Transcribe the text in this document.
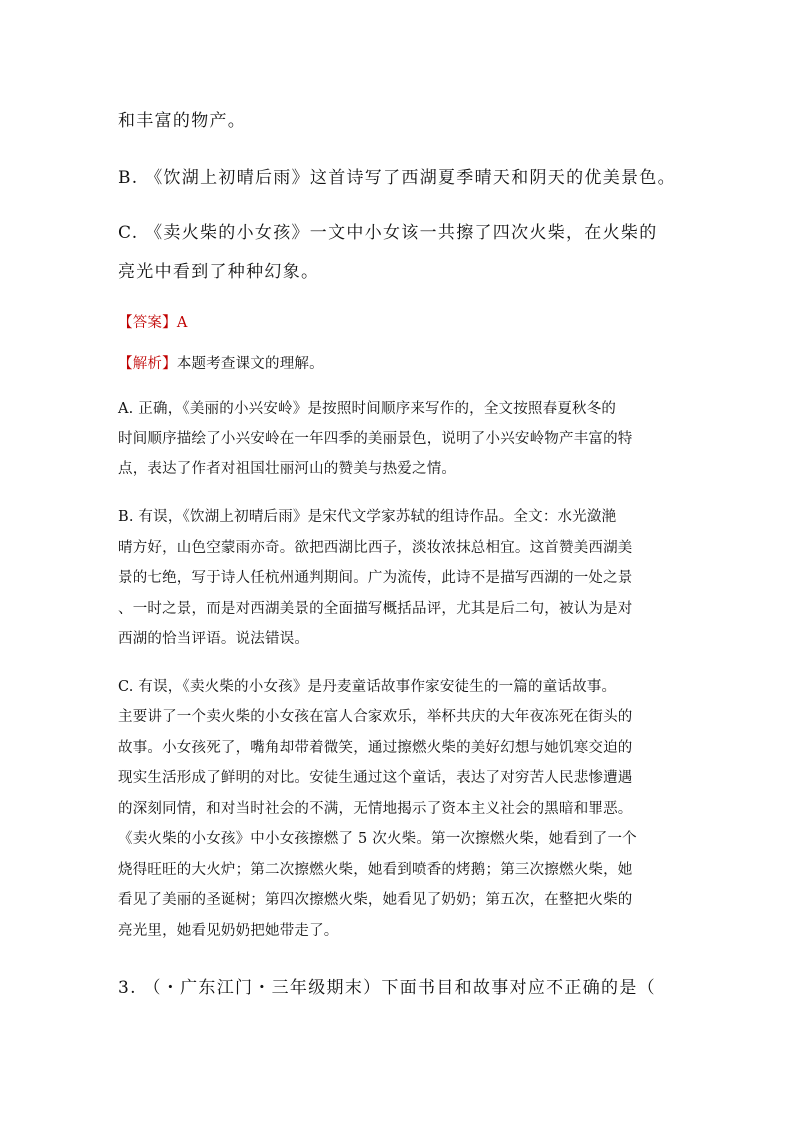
和丰富的物产。
B. 《饮湖上初晴后雨》这首诗写了西湖夏季晴天和阴天的优美景色。
C. 《卖火柴的小女孩》一文中小女该一共擦了四次火柴，在火柴的
亮光中看到了种种幻象。
【答案】A
【解析】本题考查课文的理解。
A. 正确，《美丽的小兴安岭》是按照时间顺序来写作的，全文按照春夏秋冬的
时间顺序描绘了小兴安岭在一年四季的美丽景色，说明了小兴安岭物产丰富的特
点，表达了作者对祖国壮丽河山的赞美与热爱之情。
B. 有误，《饮湖上初晴后雨》是宋代文学家苏轼的组诗作品。全文：水光潋滟
晴方好，山色空蒙雨亦奇。欲把西湖比西子，淡妆浓抹总相宜。这首赞美西湖美
景的七绝，写于诗人任杭州通判期间。广为流传，此诗不是描写西湖的一处之景
、一时之景，而是对西湖美景的全面描写概括品评，尤其是后二句，被认为是对
西湖的恰当评语。说法错误。
C. 有误，《卖火柴的小女孩》是丹麦童话故事作家安徒生的一篇的童话故事。
主要讲了一个卖火柴的小女孩在富人合家欢乐，举杯共庆的大年夜冻死在街头的
故事。小女孩死了，嘴角却带着微笑，通过擦燃火柴的美好幻想与她饥寒交迫的
现实生活形成了鲜明的对比。安徒生通过这个童话，表达了对穷苦人民悲惨遭遇
的深刻同情，和对当时社会的不满，无情地揭示了资本主义社会的黑暗和罪恶。
《卖火柴的小女孩》中小女孩擦燃了 5 次火柴。第一次擦燃火柴，她看到了一个
烧得旺旺的大火炉；第二次擦燃火柴，她看到喷香的烤鹅；第三次擦燃火柴，她
看见了美丽的圣诞树；第四次擦燃火柴，她看见了奶奶；第五次，在整把火柴的
亮光里，她看见奶奶把她带走了。
3. （・广东江门・三年级期末）下面书目和故事对应不正确的是（
